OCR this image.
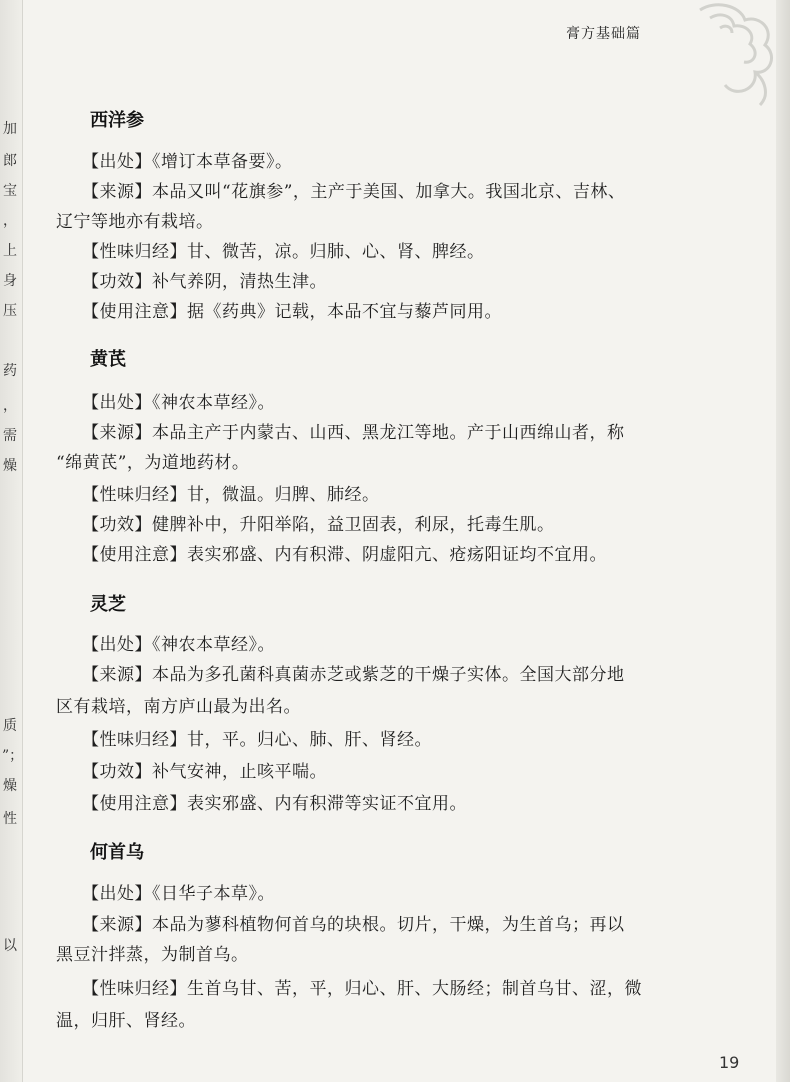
加
郎
宝
，
上
身
压
药
，
需
燥
质
”；
燥
性
以
膏方基础篇
西洋参
【出处】《增订本草备要》。
【来源】本品又叫“花旗参”，主产于美国、加拿大。我国北京、吉林、
辽宁等地亦有栽培。
【性味归经】甘、微苦，凉。归肺、心、肾、脾经。
【功效】补气养阴，清热生津。
【使用注意】据《药典》记载，本品不宜与藜芦同用。
黄芪
【出处】《神农本草经》。
【来源】本品主产于内蒙古、山西、黑龙江等地。产于山西绵山者，称
“绵黄芪”，为道地药材。
【性味归经】甘，微温。归脾、肺经。
【功效】健脾补中，升阳举陷，益卫固表，利尿，托毒生肌。
【使用注意】表实邪盛、内有积滞、阴虚阳亢、疮疡阳证均不宜用。
灵芝
【出处】《神农本草经》。
【来源】本品为多孔菌科真菌赤芝或紫芝的干燥子实体。全国大部分地
区有栽培，南方庐山最为出名。
【性味归经】甘，平。归心、肺、肝、肾经。
【功效】补气安神，止咳平喘。
【使用注意】表实邪盛、内有积滞等实证不宜用。
何首乌
【出处】《日华子本草》。
【来源】本品为蓼科植物何首乌的块根。切片，干燥，为生首乌；再以
黑豆汁拌蒸，为制首乌。
【性味归经】生首乌甘、苦，平，归心、肝、大肠经；制首乌甘、涩，微
温，归肝、肾经。
19
